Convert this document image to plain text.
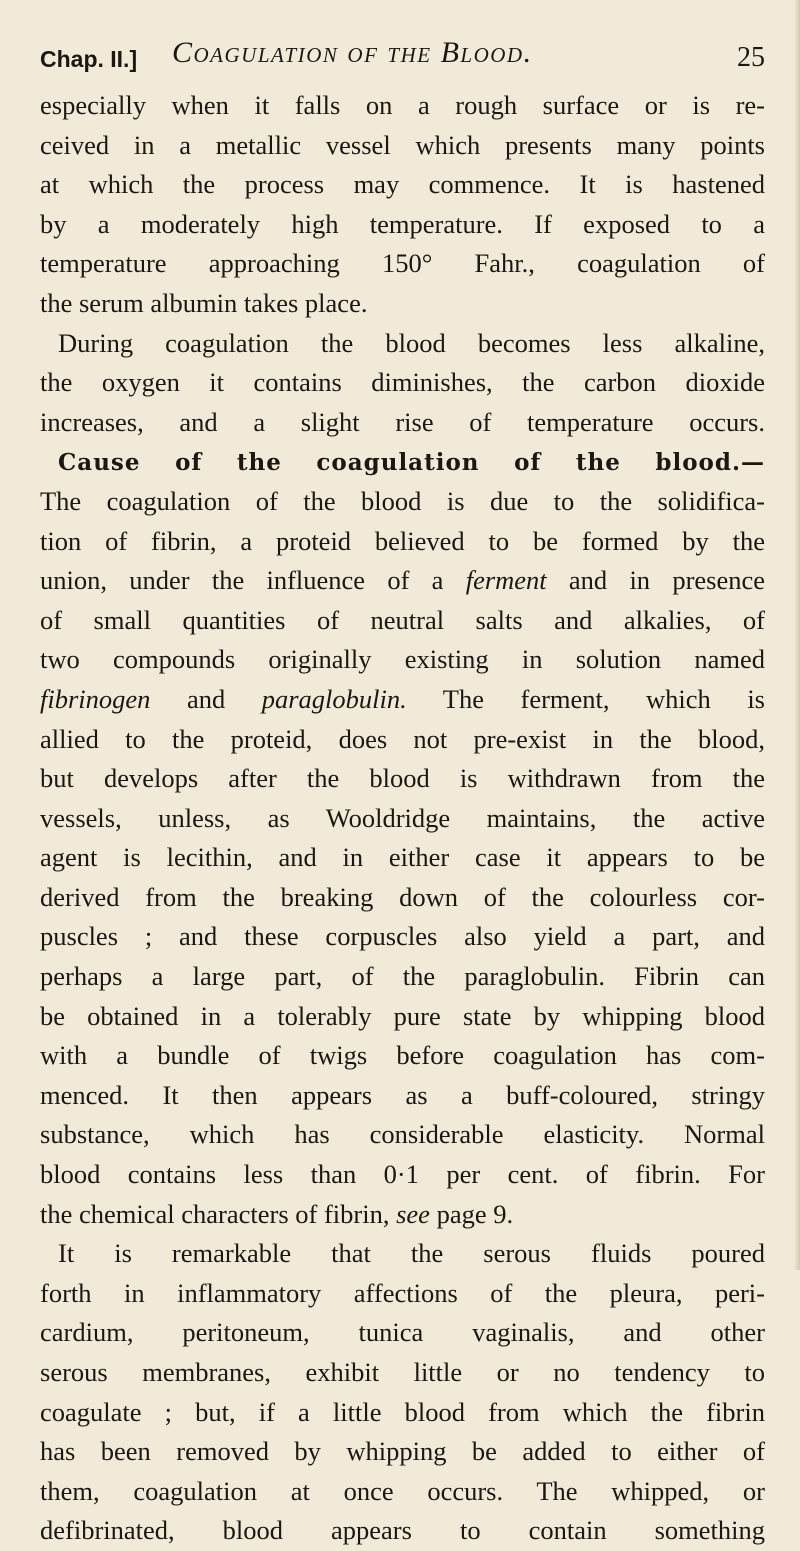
Chap. II.] Coagulation of the Blood.	25
especially when it falls on a rough surface or is re-
ceived in a metallic vessel which presents many points
at which the process may commence. It is hastened
by a moderately high temperature. If exposed to a
temperature approaching 150° Fahr., coagulation of
the serum albumin takes place.
During coagulation the blood becomes less alkaline,
the oxygen it contains diminishes, the carbon dioxide
increases, and a slight rise of temperature occurs.
Cause of the coagulation of the blood.—
The coagulation of the blood is due to the solidifica-
tion of fibrin, a proteid believed to be formed by the
union, under the influence of a ferment and in presence
of small quantities of neutral salts and alkalies, of
two compounds originally existing in solution named
fibrinogen and paraglobulin. The ferment, which is
allied to the proteid, does not pre-exist in the blood,
but develops after the blood is withdrawn from the
vessels, unless, as Wooldridge maintains, the active
agent is lecithin, and in either case it appears to be
derived from the breaking down of the colourless cor-
puscles ; and these corpuscles also yield a part, and
perhaps a large part, of the paraglobulin. Fibrin can
be obtained in a tolerably pure state by whipping blood
with a bundle of twigs before coagulation has com-
menced. It then appears as a buff-coloured, stringy
substance, which has considerable elasticity. Normal
blood contains less than 0·1 per cent. of fibrin. For
the chemical characters of fibrin, see page 9.
It is remarkable that the serous fluids poured
forth in inflammatory affections of the pleura, peri-
cardium, peritoneum, tunica vaginalis, and other
serous membranes, exhibit little or no tendency to
coagulate ; but, if a little blood from which the fibrin
has been removed by whipping be added to either of
them, coagulation at once occurs. The whipped, or
defibrinated, blood appears to contain something
